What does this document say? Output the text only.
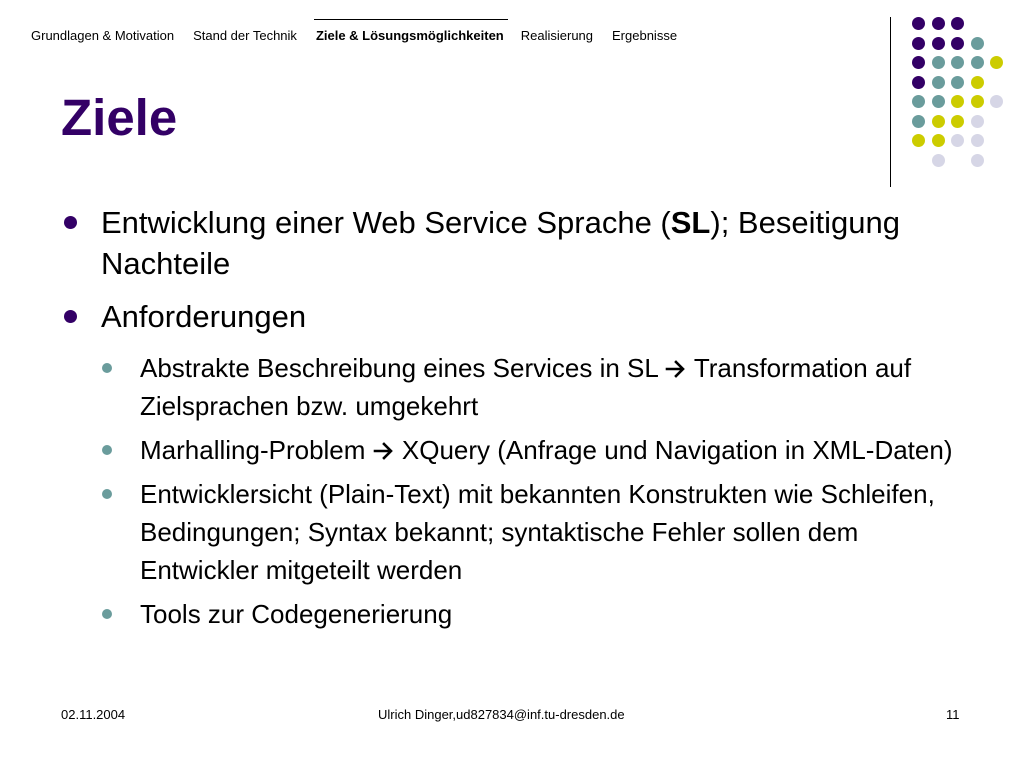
Grundlagen & Motivation Stand der Technik Ziele & Lösungsmöglichkeiten Realisierung Ergebnisse
Ziele
Entwicklung einer Web Service Sprache (SL); Beseitigung Nachteile
Anforderungen
Abstrakte Beschreibung eines Services in SL  Transformation auf Zielsprachen bzw. umgekehrt
Marhalling-Problem  XQuery (Anfrage und Navigation in XML-Daten)
Entwicklersicht (Plain-Text) mit bekannten Konstrukten wie Schleifen, Bedingungen; Syntax bekannt; syntaktische Fehler sollen dem Entwickler mitgeteilt werden
Tools zur Codegenerierung
02.11.2004	Ulrich Dinger,ud827834@inf.tu-dresden.de	11
